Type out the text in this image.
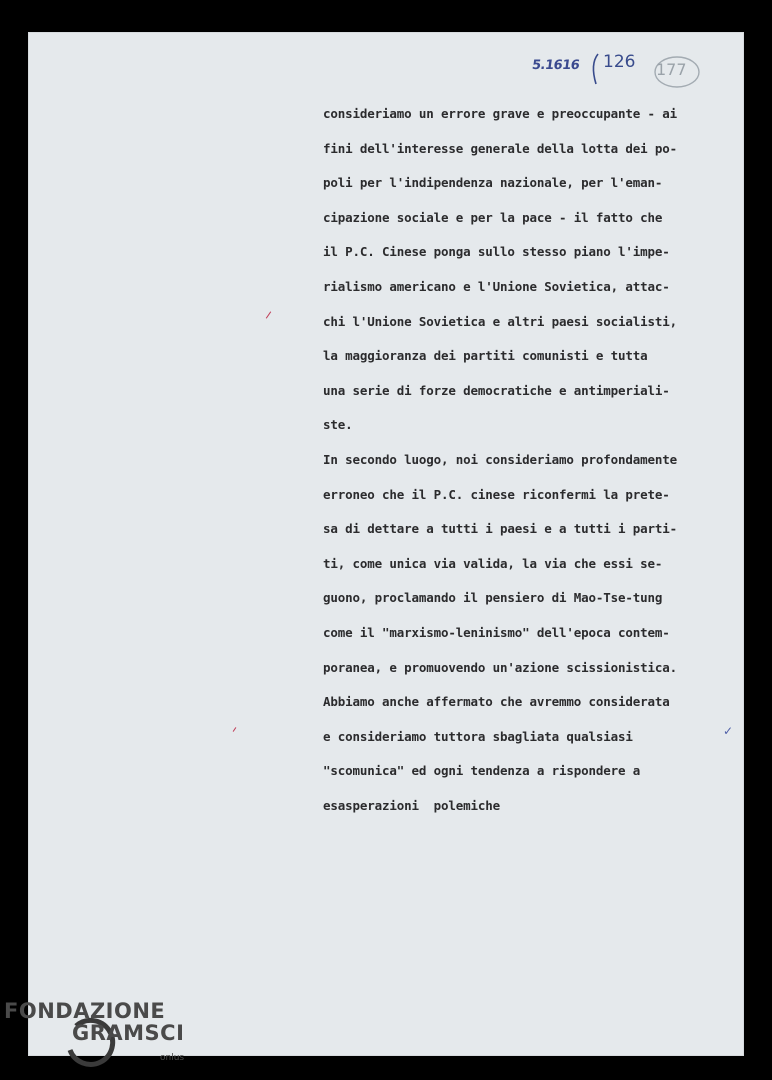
5.1616 126 177
consideriamo un errore grave e preoccupante - ai
fini dell'interesse generale della lotta dei po-
poli per l'indipendenza nazionale, per l'eman-
cipazione sociale e per la pace - il fatto che
il P.C. Cinese ponga sullo stesso piano l'impe-
rialismo americano e l'Unione Sovietica, attac-
chi l'Unione Sovietica e altri paesi socialisti,
la maggioranza dei partiti comunisti e tutta
una serie di forze democratiche e antimperiali-
ste.
In secondo luogo, noi consideriamo profondamente
erroneo che il P.C. cinese riconfermi la prete-
sa di dettare a tutti i paesi e a tutti i parti-
ti, come unica via valida, la via che essi se-
guono, proclamando il pensiero di Mao-Tse-tung
come il "marxismo-leninismo" dell'epoca contem-
poranea, e promuovendo un'azione scissionistica.
Abbiamo anche affermato che avremmo considerata
e consideriamo tuttora sbagliata qualsiasi
"scomunica" ed ogni tendenza a rispondere a
esasperazioni  polemiche
✓
FONDAZIONE
GRAMSCI
onlus
